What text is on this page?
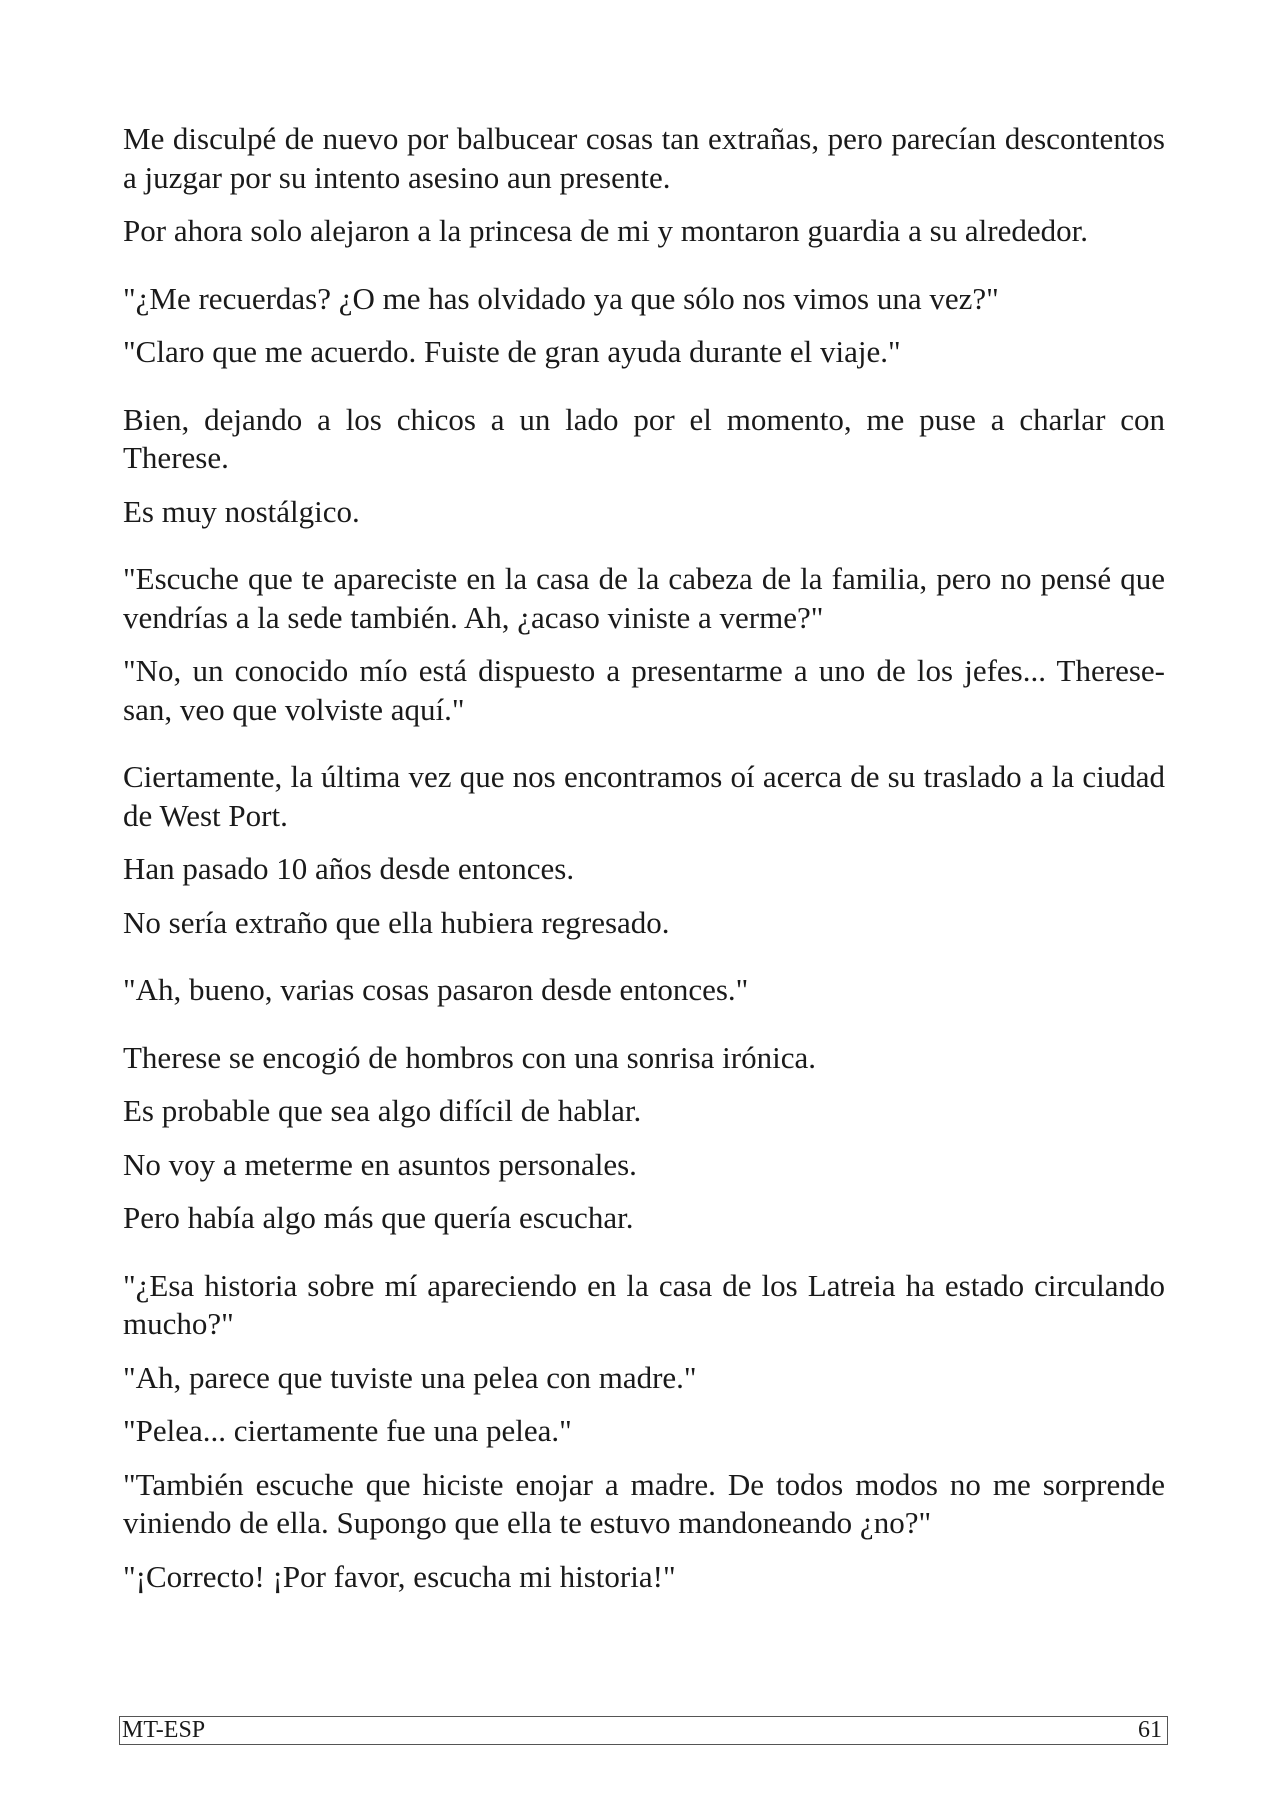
Me disculpé de nuevo por balbucear cosas tan extrañas, pero parecían descontentos a juzgar por su intento asesino aun presente.

Por ahora solo alejaron a la princesa de mi y montaron guardia a su alrededor.

"¿Me recuerdas? ¿O me has olvidado ya que sólo nos vimos una vez?"

"Claro que me acuerdo. Fuiste de gran ayuda durante el viaje."

Bien, dejando a los chicos a un lado por el momento, me puse a charlar con Therese.

Es muy nostálgico.

"Escuche que te apareciste en la casa de la cabeza de la familia, pero no pensé que vendrías a la sede también. Ah, ¿acaso viniste a verme?"

"No, un conocido mío está dispuesto a presentarme a uno de los jefes... Therese-san, veo que volviste aquí."

Ciertamente, la última vez que nos encontramos oí acerca de su traslado a la ciudad de West Port.

Han pasado 10 años desde entonces.

No sería extraño que ella hubiera regresado.

"Ah, bueno, varias cosas pasaron desde entonces."

Therese se encogió de hombros con una sonrisa irónica.

Es probable que sea algo difícil de hablar.

No voy a meterme en asuntos personales.

Pero había algo más que quería escuchar.

"¿Esa historia sobre mí apareciendo en la casa de los Latreia ha estado circulando mucho?"

"Ah, parece que tuviste una pelea con madre."

"Pelea... ciertamente fue una pelea."

"También escuche que hiciste enojar a madre. De todos modos no me sorprende viniendo de ella. Supongo que ella te estuvo mandoneando ¿no?"

"¡Correcto! ¡Por favor, escucha mi historia!"

MT-ESP	61
